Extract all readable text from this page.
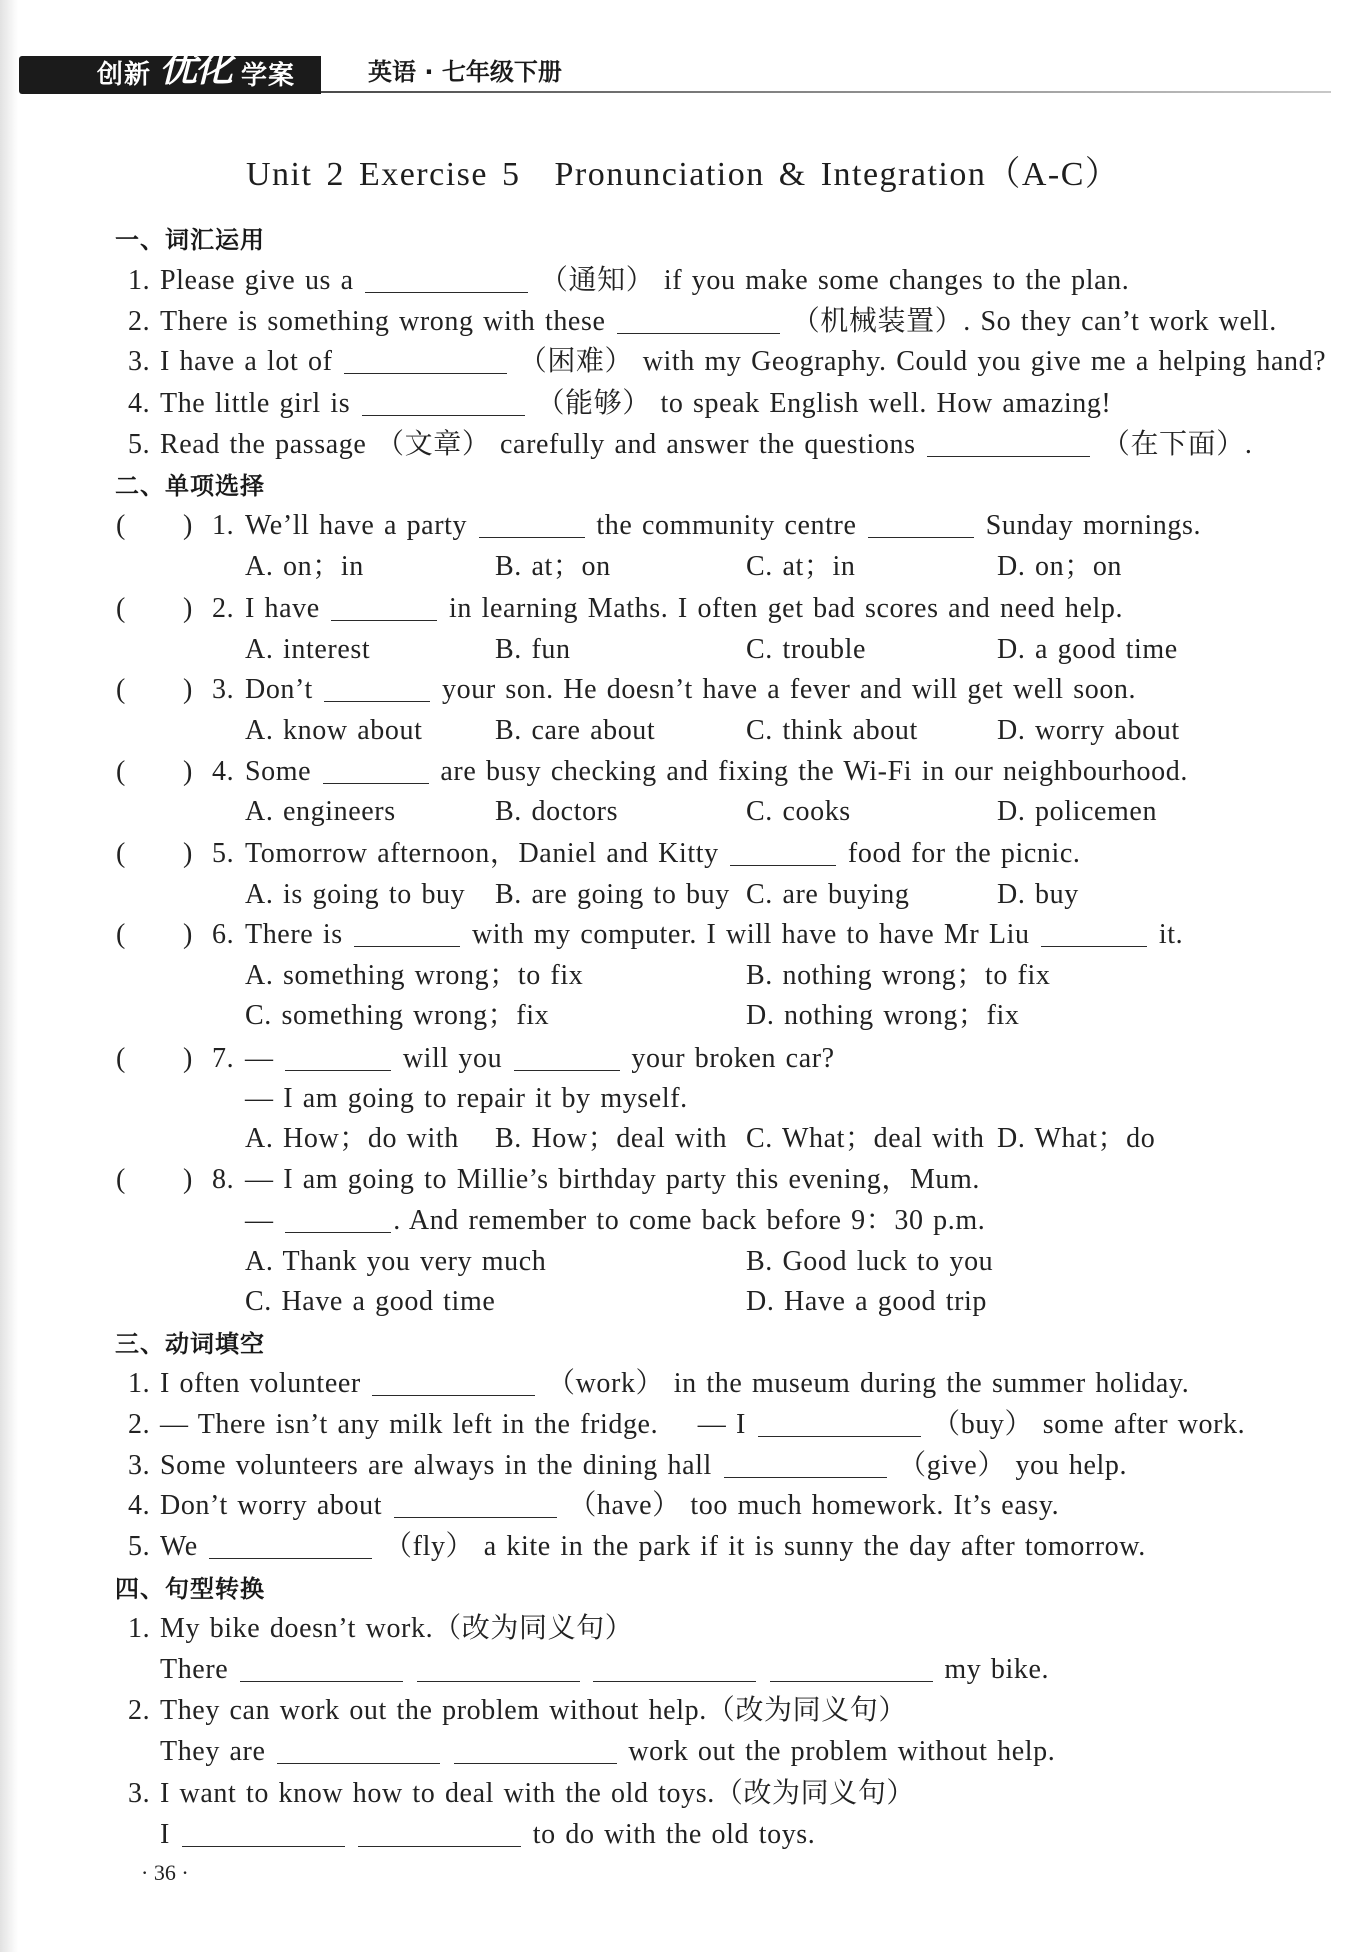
创新 优化 学案	英语 · 七年级下册
Unit 2 Exercise 5 Pronunciation & Integration（A-C）
一、词汇运用
1. Please give us a	（通知） if you make some changes to the plan.
2. There is something wrong with these	（机械装置）. So they can’t work well.
3. I have a lot of	（困难） with my Geography. Could you give me a helping hand?
4. The little girl is	（能够） to speak English well. How amazing!
5. Read the passage （文章） carefully and answer the questions	（在下面）.
二、单项选择
( ) 1. We’ll have a party	the community centre	Sunday mornings.
A. on；in	B. at；on	C. at；in	D. on；on
( ) 2. I have	in learning Maths. I often get bad scores and need help.
A. interest	B. fun	C. trouble	D. a good time
( ) 3. Don’t	your son. He doesn’t have a fever and will get well soon.
A. know about	B. care about	C. think about	D. worry about
( ) 4. Some	are busy checking and fixing the Wi-Fi in our neighbourhood.
A. engineers	B. doctors	C. cooks	D. policemen
( ) 5. Tomorrow afternoon，Daniel and Kitty	food for the picnic.
A. is going to buy B. are going to buy C. are buying	D. buy
( ) 6. There is	with my computer. I will have to have Mr Liu	it.
A. something wrong；to fix	B. nothing wrong；to fix
C. something wrong；fix	D. nothing wrong；fix
( ) 7. —	will you	your broken car?
— I am going to repair it by myself.
A. How；do with B. How；deal with C. What；deal with D. What；do
( ) 8. — I am going to Millie’s birthday party this evening，Mum.
—	. And remember to come back before 9：30 p.m.
A. Thank you very much	B. Good luck to you
C. Have a good time	D. Have a good trip
三、动词填空
1. I often volunteer	（work） in the museum during the summer holiday.
2. — There isn’t any milk left in the fridge. — I	（buy） some after work.
3. Some volunteers are always in the dining hall	（give） you help.
4. Don’t worry about	（have） too much homework. It’s easy.
5. We	（fly） a kite in the park if it is sunny the day after tomorrow.
四、句型转换
1. My bike doesn’t work.（改为同义句）
There	my bike.
2. They can work out the problem without help.（改为同义句）
They are	work out the problem without help.
3. I want to know how to deal with the old toys.（改为同义句）
I	to do with the old toys.
· 36 ·
